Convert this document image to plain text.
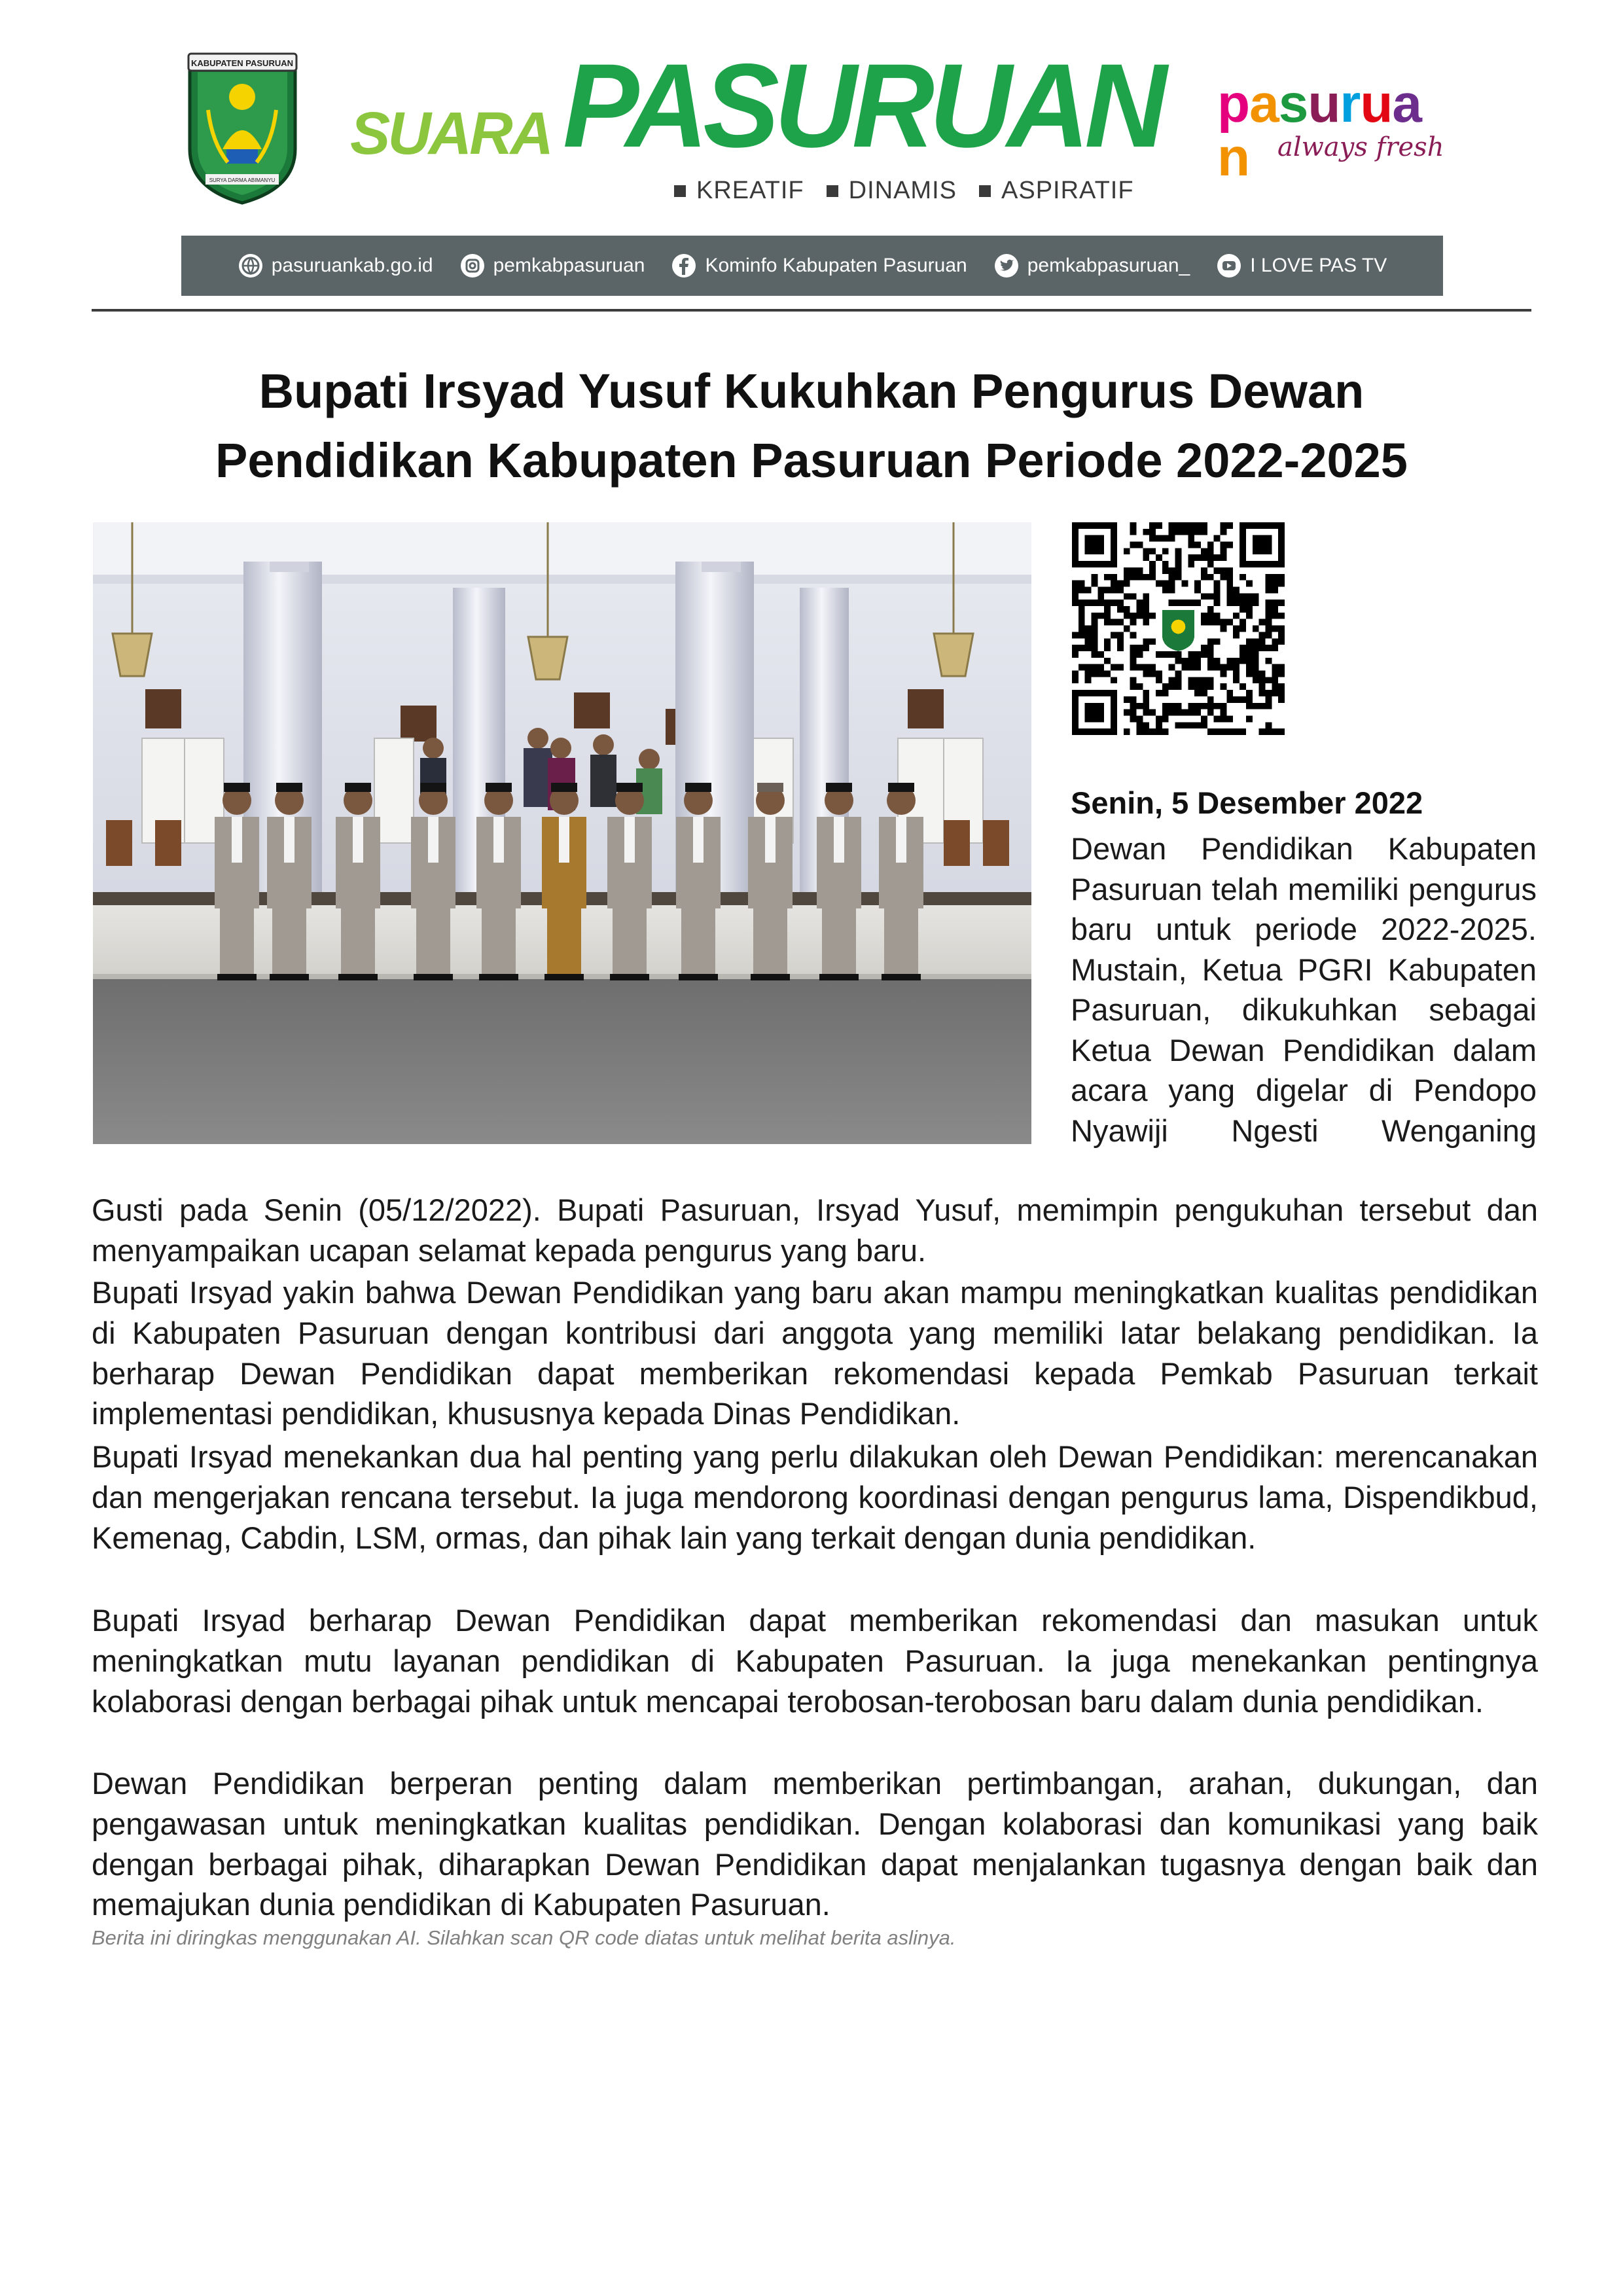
KABUPATEN PASURUAN
SURYA DARMA ABIMANYU
SUARA PASURUAN
KREATIF DINAMIS ASPIRATIF
pasuruan	always fresh
pasuruankab.go.id	pemkabpasuruan	Kominfo Kabupaten Pasuruan	pemkabpasuruan_	I LOVE PAS TV
Bupati Irsyad Yusuf Kukuhkan Pengurus Dewan
Pendidikan Kabupaten Pasuruan Periode 2022-2025
Senin, 5 Desember 2022
Dewan Pendidikan Kabupaten Pasuruan telah memiliki pengurus baru untuk periode 2022-2025. Mustain, Ketua PGRI Kabupaten Pasuruan, dikukuhkan sebagai Ketua Dewan Pendidikan dalam acara yang digelar di Pendopo Nyawiji Ngesti Wenganing
Gusti pada Senin (05/12/2022). Bupati Pasuruan, Irsyad Yusuf, memimpin pengukuhan tersebut dan menyampaikan ucapan selamat kepada pengurus yang baru.
Bupati Irsyad yakin bahwa Dewan Pendidikan yang baru akan mampu meningkatkan kualitas pendidikan di Kabupaten Pasuruan dengan kontribusi dari anggota yang memiliki latar belakang pendidikan. Ia berharap Dewan Pendidikan dapat memberikan rekomendasi kepada Pemkab Pasuruan terkait implementasi pendidikan, khususnya kepada Dinas Pendidikan.
Bupati Irsyad menekankan dua hal penting yang perlu dilakukan oleh Dewan Pendidikan: merencanakan dan mengerjakan rencana tersebut. Ia juga mendorong koordinasi dengan pengurus lama, Dispendikbud, Kemenag, Cabdin, LSM, ormas, dan pihak lain yang terkait dengan dunia pendidikan.
Bupati Irsyad berharap Dewan Pendidikan dapat memberikan rekomendasi dan masukan untuk meningkatkan mutu layanan pendidikan di Kabupaten Pasuruan. Ia juga menekankan pentingnya kolaborasi dengan berbagai pihak untuk mencapai terobosan-terobosan baru dalam dunia pendidikan.
Dewan Pendidikan berperan penting dalam memberikan pertimbangan, arahan, dukungan, dan pengawasan untuk meningkatkan kualitas pendidikan. Dengan kolaborasi dan komunikasi yang baik dengan berbagai pihak, diharapkan Dewan Pendidikan dapat menjalankan tugasnya dengan baik dan memajukan dunia pendidikan di Kabupaten Pasuruan.
Berita ini diringkas menggunakan AI. Silahkan scan QR code diatas untuk melihat berita aslinya.
